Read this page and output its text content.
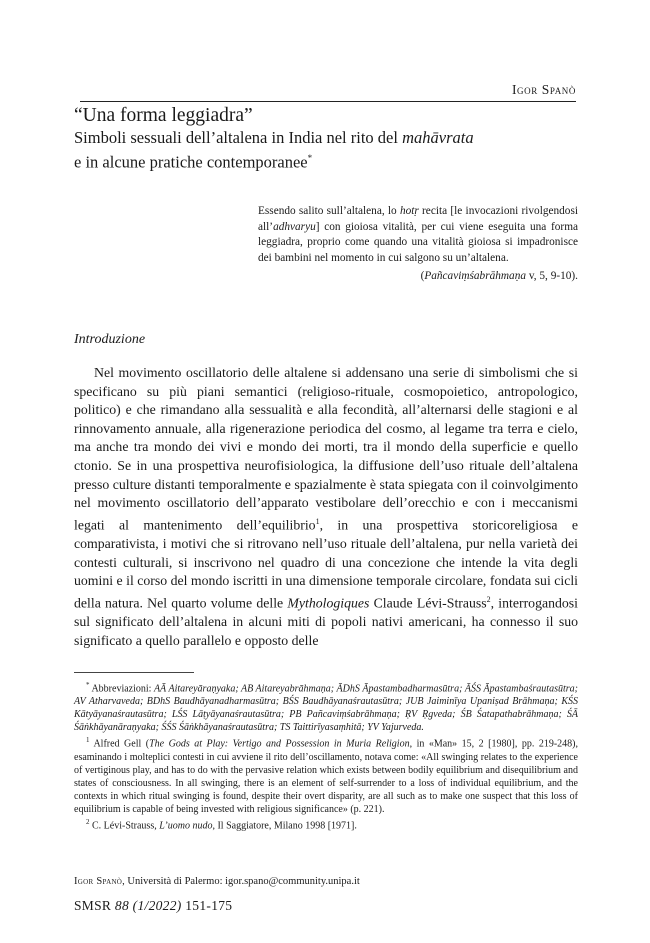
Igor Spanò
“Una forma leggiadra”
Simboli sessuali dell’altalena in India nel rito del mahāvrata
e in alcune pratiche contemporanee*
Essendo salito sull’altalena, lo hotṛ recita [le invocazioni rivolgendosi all’adhvaryu] con gioiosa vitalità, per cui viene eseguita una forma leggiadra, proprio come quando una vitalità gioiosa si impadronisce dei bambini nel momento in cui salgono su un’altalena.
(Pañcaviṃśabrāhmaṇa v, 5, 9-10).
Introduzione
Nel movimento oscillatorio delle altalene si addensano una serie di simbolismi che si specificano su più piani semantici (religioso-rituale, cosmopoietico, antropologico, politico) e che rimandano alla sessualità e alla fecondità, all’alternarsi delle stagioni e al rinnovamento annuale, alla rigenerazione periodica del cosmo, al legame tra terra e cielo, ma anche tra mondo dei vivi e mondo dei morti, tra il mondo della superficie e quello ctonio. Se in una prospettiva neurofisiologica, la diffusione dell’uso rituale dell’altalena presso culture distanti temporalmente e spazialmente è stata spiegata con il coinvolgimento nel movimento oscillatorio dell’apparato vestibolare dell’orecchio e con i meccanismi legati al mantenimento dell’equilibrio$^1$, in una prospettiva storicoreligiosa e comparativista, i motivi che si ritrovano nell’uso rituale dell’altalena, pur nella varietà dei contesti culturali, si inscrivono nel quadro di una concezione che intende la vita degli uomini e il corso del mondo iscritti in una dimensione temporale circolare, fondata sui cicli della natura. Nel quarto volume delle Mythologiques Claude Lévi-Strauss$^2$, interrogandosi sul significato dell’altalena in alcuni miti di popoli nativi americani, ha connesso il suo significato a quello parallelo e opposto delle

* Abbreviazioni: AĀ Aitareyāraṇyaka; AB Aitareyabrāhmaṇa; ĀDhS Āpastambadharmasūtra; ĀŚS Āpastambaśrautasūtra; AV Atharvaveda; BDhS Baudhāyanadharmasūtra; BŚS Baudhāyanaśrautasūtra; JUB Jaiminīya Upaniṣad Brāhmaṇa; KŚS Kātyāyanaśrautasūtra; LŚS Lāṭyāyanaśrautasūtra; PB Pañcaviṃśabrāhmaṇa; ṚV Ṛgveda; ŚB Śatapathabrāhmaṇa; ŚĀ Śāṅkhāyanāraṇyaka; ŚŚS Śāṅkhāyanaśrautasūtra; TS Taittirīyasaṃhitā; YV Yajurveda.

$^1$ Alfred Gell (The Gods at Play: Vertigo and Possession in Muria Religion, in «Man» 15, 2 [1980], pp. 219-248), esaminando i molteplici contesti in cui avviene il rito dell’oscillamento, notava come: «All swinging relates to the experience of vertiginous play, and has to do with the pervasive relation which exists between bodily equilibrium and disequilibrium and states of consciousness. In all swinging, there is an element of self-surrender to a loss of individual equilibrium, and the contexts in which ritual swinging is found, despite their overt disparity, are all such as to make one suspect that this loss of equilibrium is capable of being invested with religious significance» (p. 221).

$^2$ C. Lévi-Strauss, L’uomo nudo, Il Saggiatore, Milano 1998 [1971].

Igor Spanò, Università di Palermo: igor.spano@community.unipa.it
SMSR 88 (1/2022) 151-175
